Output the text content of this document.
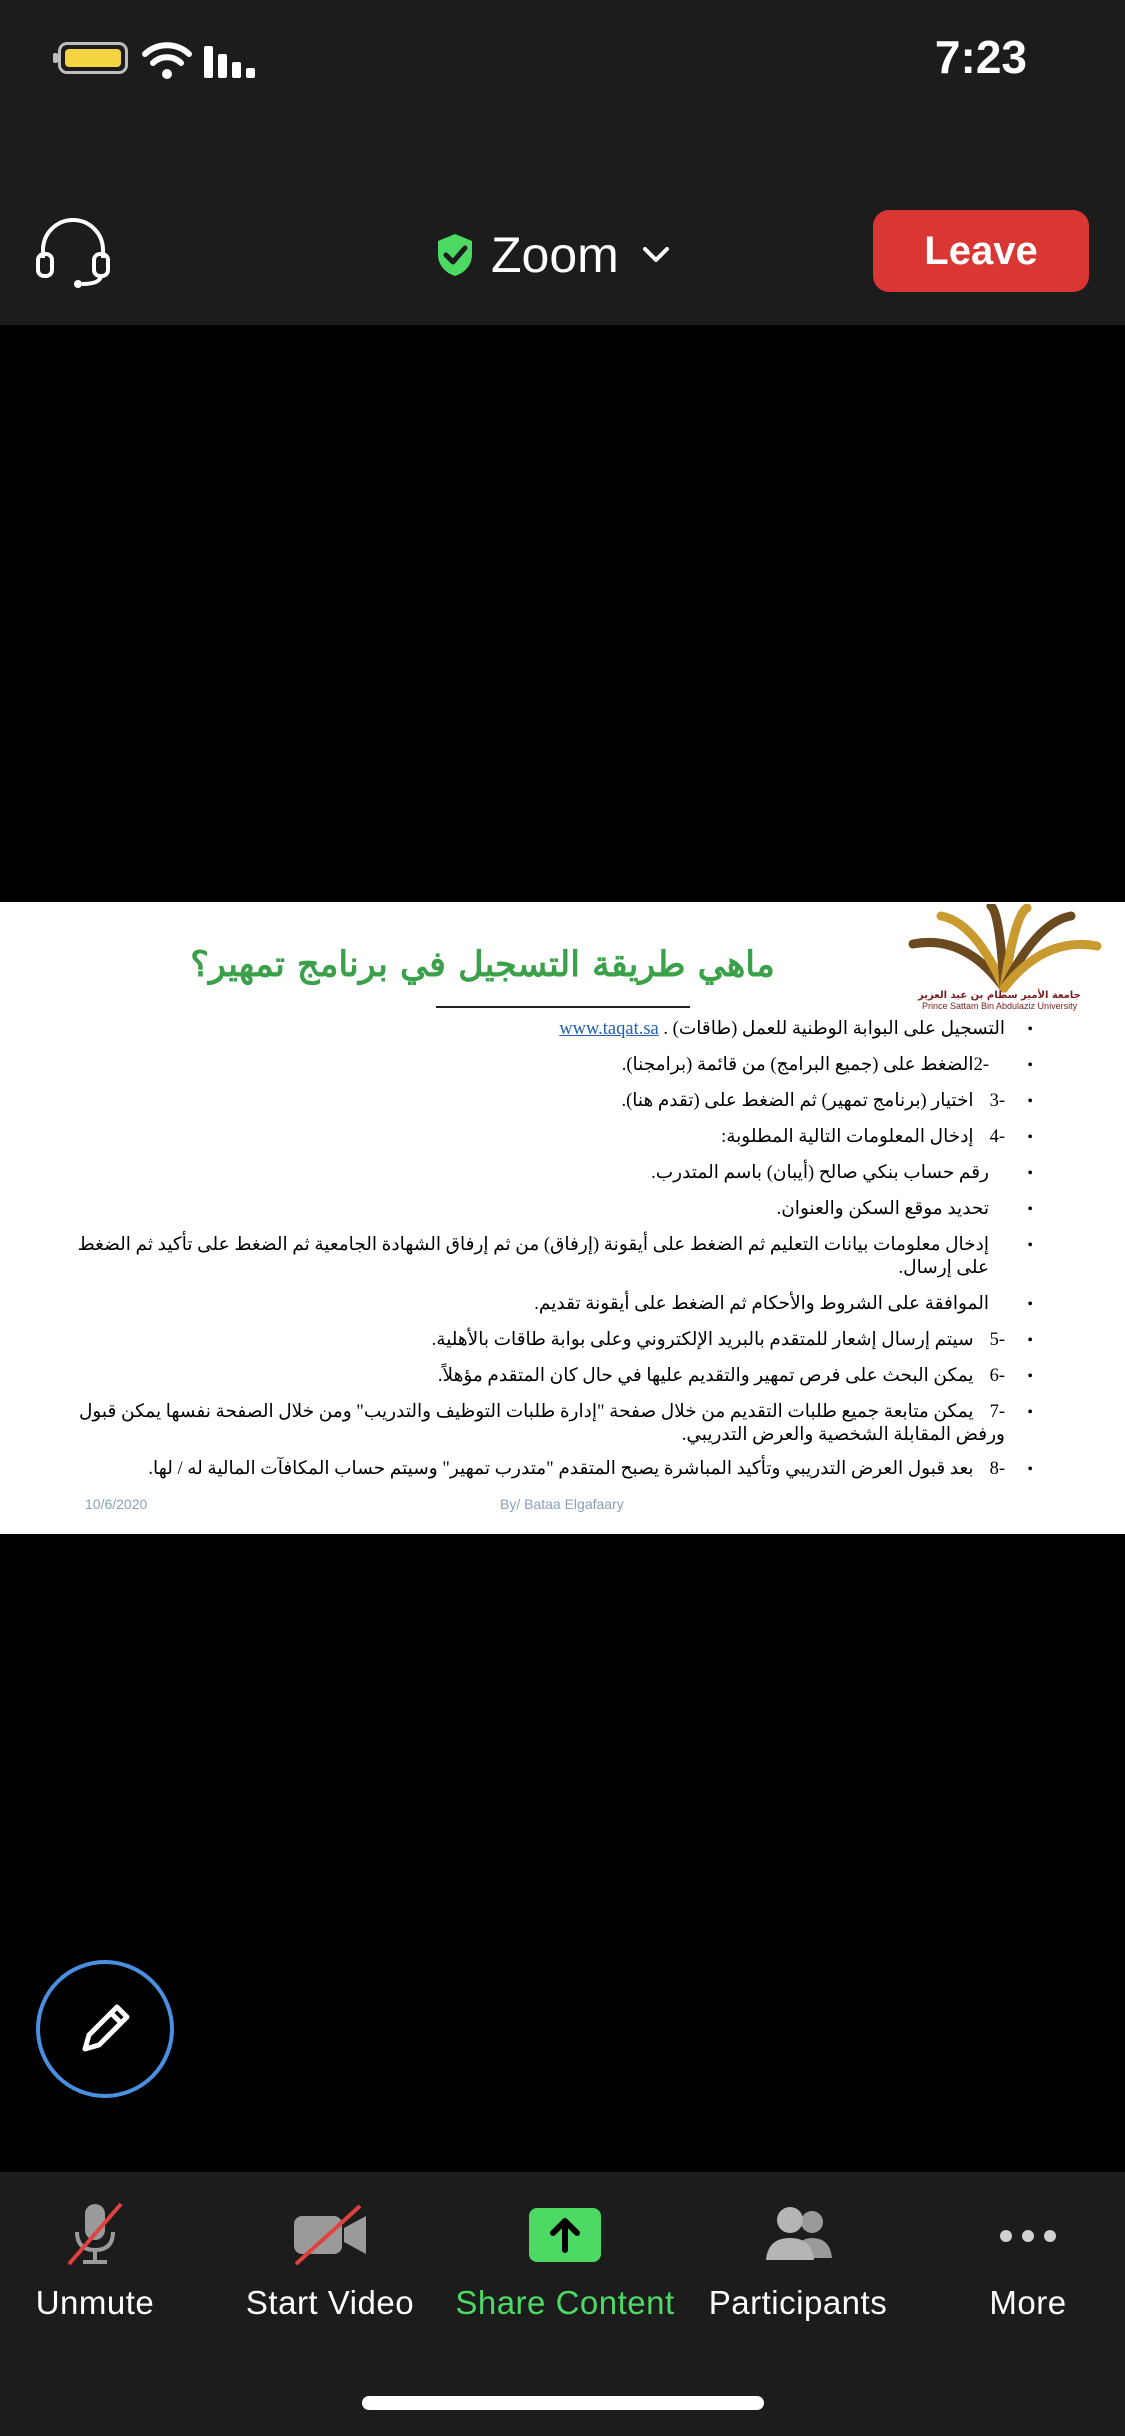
7:23
Zoom	Leave
جامعة الأمير سطام بن عبد العزيز
Prince Sattam Bin Abdulaziz University
ماهي طريقة التسجيل في برنامج تمهير؟

•
التسجيل على البوابة الوطنية للعمل (طاقات) . www.taqat.sa

•
-2الضغط على (جميع البرامج) من قائمة (برامجنا).

•
-3اختيار (برنامج تمهير) ثم الضغط على (تقدم هنا).

•
-4إدخال المعلومات التالية المطلوبة:

•
رقم حساب بنكي صالح (أيبان) باسم المتدرب.

•
تحديد موقع السكن والعنوان.

•
إدخال معلومات بيانات التعليم ثم الضغط على أيقونة (إرفاق) من ثم إرفاق الشهادة الجامعية ثم الضغط على تأكيد ثم الضغط على إرسال.

•
الموافقة على الشروط والأحكام ثم الضغط على أيقونة تقديم.

•
-5سيتم إرسال إشعار للمتقدم بالبريد الإلكتروني وعلى بوابة طاقات بالأهلية.

•
-6يمكن البحث على فرص تمهير والتقديم عليها في حال كان المتقدم مؤهلاً.

•
-7يمكن متابعة جميع طلبات التقديم من خلال صفحة "إدارة طلبات التوظيف والتدريب" ومن خلال الصفحة نفسها يمكن قبول ورفض المقابلة الشخصية والعرض التدريبي.

•
-8بعد قبول العرض التدريبي وتأكيد المباشرة يصبح المتقدم "متدرب تمهير" وسيتم حساب المكافآت المالية له / لها.

10/6/2020	By/ Bataa Elgafaary
Unmute	Start Video	Share Content	Participants	More
